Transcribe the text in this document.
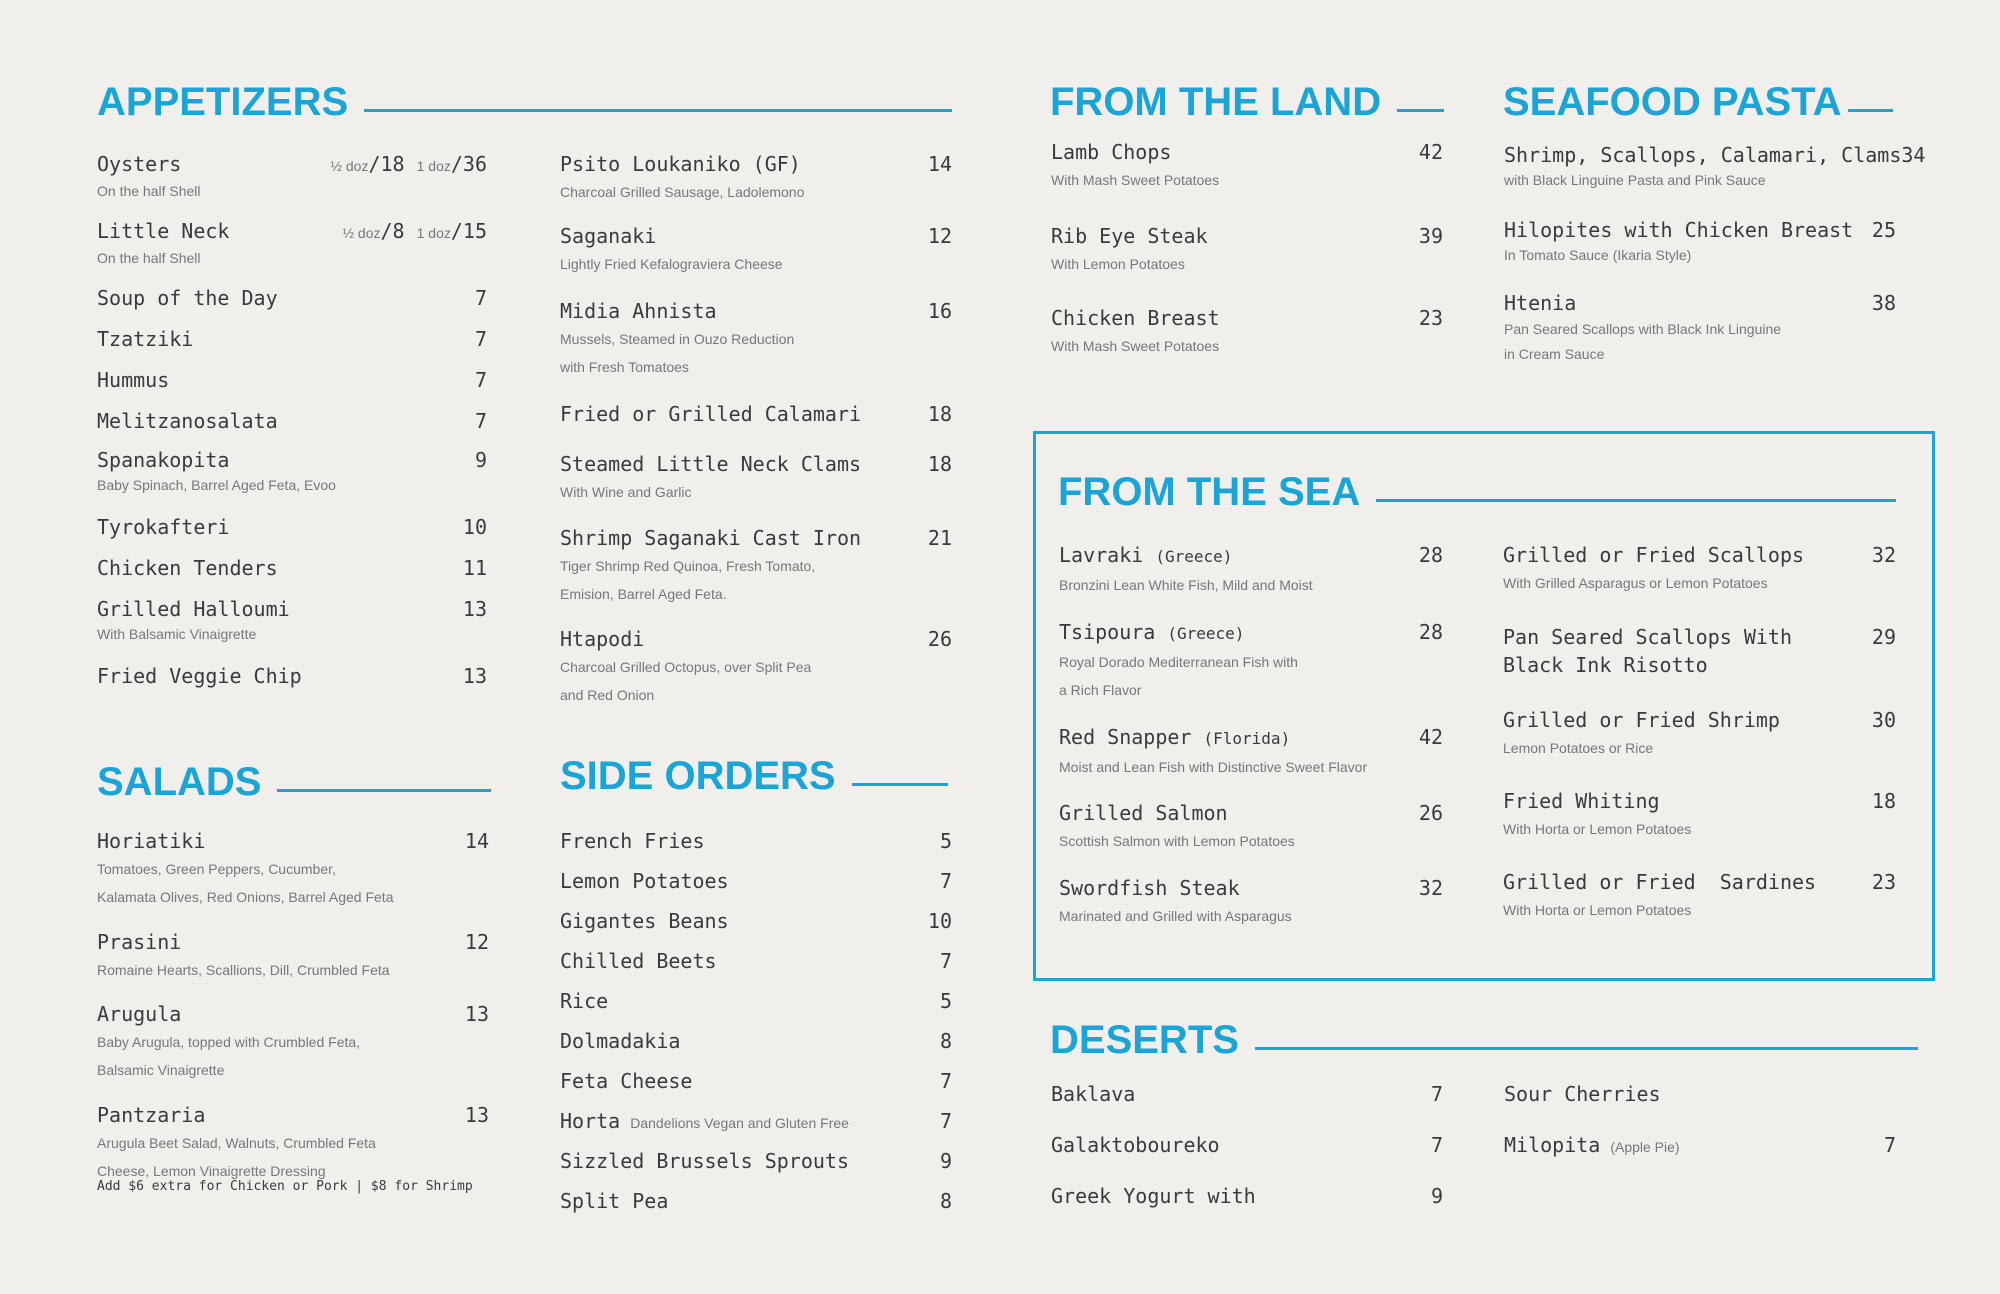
APPETIZERS
Oysters	½ doz/18 1 doz/36
On the half Shell
Little Neck	½ doz/8 1 doz/15
On the half Shell
Soup of the Day	7
Tzatziki	7
Hummus	7
Melitzanosalata	7
Spanakopita	9
Baby Spinach, Barrel Aged Feta, Evoo
Tyrokafteri	10
Chicken Tenders	11
Grilled Halloumi	13
With Balsamic Vinaigrette
Fried Veggie Chip	13
Psito Loukaniko (GF)	14
Charcoal Grilled Sausage, Ladolemono
Saganaki	12
Lightly Fried Kefalograviera Cheese
Midia Ahnista	16
Mussels, Steamed in Ouzo Reduction
with Fresh Tomatoes
Fried or Grilled Calamari	18
Steamed Little Neck Clams	18
With Wine and Garlic
Shrimp Saganaki Cast Iron	21
Tiger Shrimp Red Quinoa, Fresh Tomato,
Emision, Barrel Aged Feta.
Htapodi	26
Charcoal Grilled Octopus, over Split Pea
and Red Onion
SALADS
Horiatiki	14
Tomatoes, Green Peppers, Cucumber,
Kalamata Olives, Red Onions, Barrel Aged Feta
Prasini	12
Romaine Hearts, Scallions, Dill, Crumbled Feta
Arugula	13
Baby Arugula, topped with Crumbled Feta,
Balsamic Vinaigrette
Pantzaria	13
Arugula Beet Salad, Walnuts, Crumbled Feta
Cheese, Lemon Vinaigrette Dressing
Add $6 extra for Chicken or Pork | $8 for Shrimp
SIDE ORDERS
French Fries	5
Lemon Potatoes	7
Gigantes Beans	10
Chilled Beets	7
Rice	5
Dolmadakia	8
Feta Cheese	7
Horta Dandelions Vegan and Gluten Free	7
Sizzled Brussels Sprouts	9
Split Pea	8
FROM THE LAND
Lamb Chops	42
With Mash Sweet Potatoes
Rib Eye Steak	39
With Lemon Potatoes
Chicken Breast	23
With Mash Sweet Potatoes
SEAFOOD PASTA
Shrimp, Scallops, Calamari, Clams 34
with Black Linguine Pasta and Pink Sauce
Hilopites with Chicken Breast 25
In Tomato Sauce (Ikaria Style)
Htenia	38
Pan Seared Scallops with Black Ink Linguine
in Cream Sauce
FROM THE SEA
Lavraki (Greece)	28
Bronzini Lean White Fish, Mild and Moist
Tsipoura (Greece)	28
Royal Dorado Mediterranean Fish with
a Rich Flavor
Red Snapper (Florida)	42
Moist and Lean Fish with Distinctive Sweet Flavor
Grilled Salmon	26
Scottish Salmon with Lemon Potatoes
Swordfish Steak	32
Marinated and Grilled with Asparagus
Grilled or Fried Scallops	32
With Grilled Asparagus or Lemon Potatoes
Pan Seared Scallops With	29
Black Ink Risotto
Grilled or Fried Shrimp	30
Lemon Potatoes or Rice
Fried Whiting	18
With Horta or Lemon Potatoes
Grilled or Fried  Sardines	23
With Horta or Lemon Potatoes
DESERTS
Baklava	7
Galaktoboureko	7
Greek Yogurt with	9
Sour Cherries
Milopita (Apple Pie)	7
